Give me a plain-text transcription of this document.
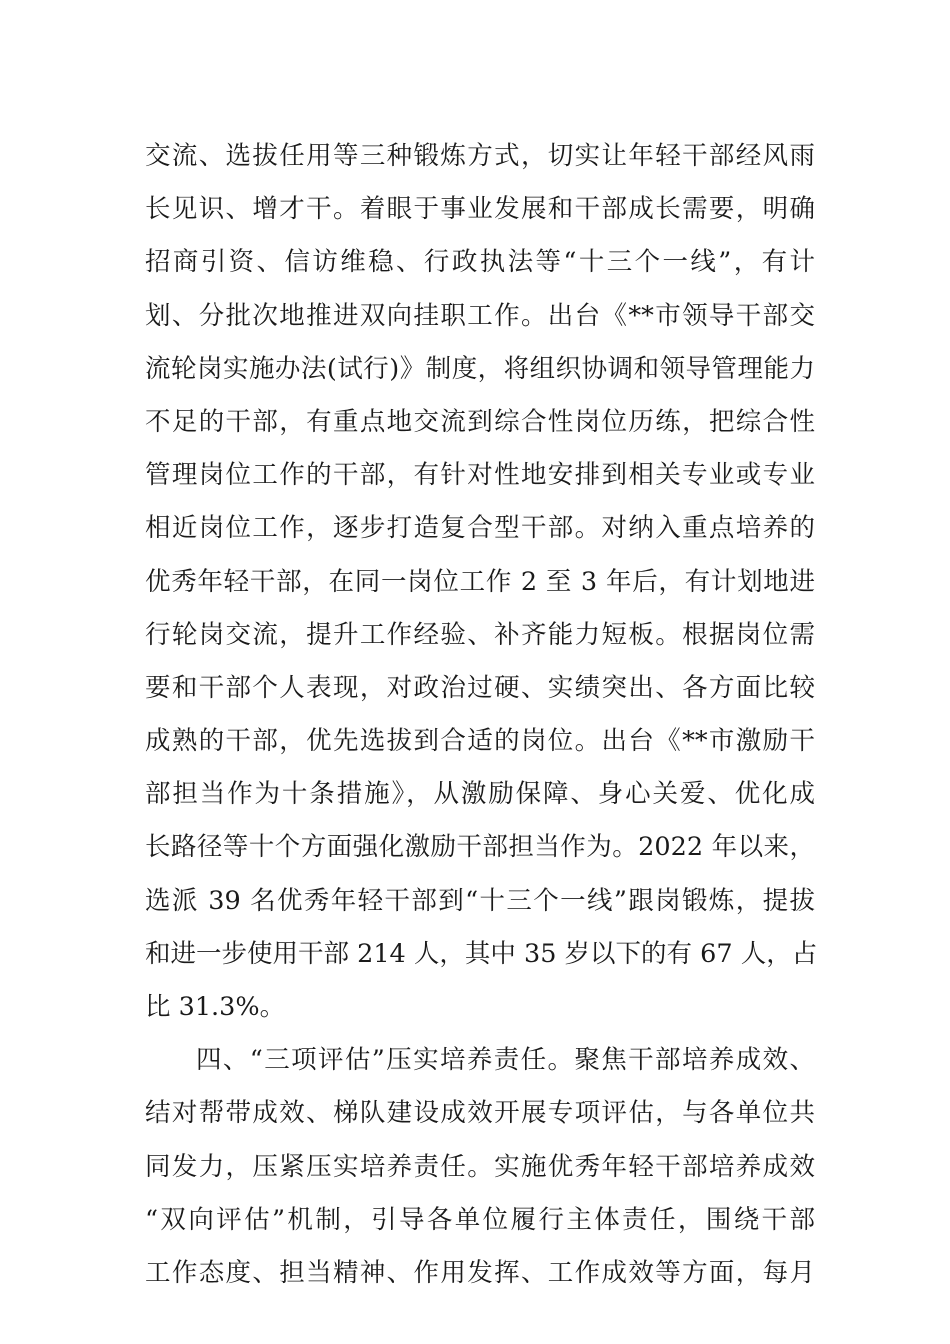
交流、选拔任用等三种锻炼方式，切实让年轻干部经风雨
长见识、增才干。着眼于事业发展和干部成长需要，明确
招商引资、信访维稳、行政执法等“十三个一线”，有计
划、分批次地推进双向挂职工作。出台《**市领导干部交
流轮岗实施办法(试行)》制度，将组织协调和领导管理能力
不足的干部，有重点地交流到综合性岗位历练，把综合性
管理岗位工作的干部，有针对性地安排到相关专业或专业
相近岗位工作，逐步打造复合型干部。对纳入重点培养的
优秀年轻干部，在同一岗位工作 2 至 3 年后，有计划地进
行轮岗交流，提升工作经验、补齐能力短板。根据岗位需
要和干部个人表现，对政治过硬、实绩突出、各方面比较
成熟的干部，优先选拔到合适的岗位。出台《**市激励干
部担当作为十条措施》，从激励保障、身心关爱、优化成
长路径等十个方面强化激励干部担当作为。2022 年以来，
选派 39 名优秀年轻干部到“十三个一线”跟岗锻炼，提拔
和进一步使用干部 214 人，其中 35 岁以下的有 67 人，占
比 31.3%。
四、“三项评估”压实培养责任。聚焦干部培养成效、
结对帮带成效、梯队建设成效开展专项评估，与各单位共
同发力，压紧压实培养责任。实施优秀年轻干部培养成效
“双向评估”机制，引导各单位履行主体责任，围绕干部
工作态度、担当精神、作用发挥、工作成效等方面，每月
